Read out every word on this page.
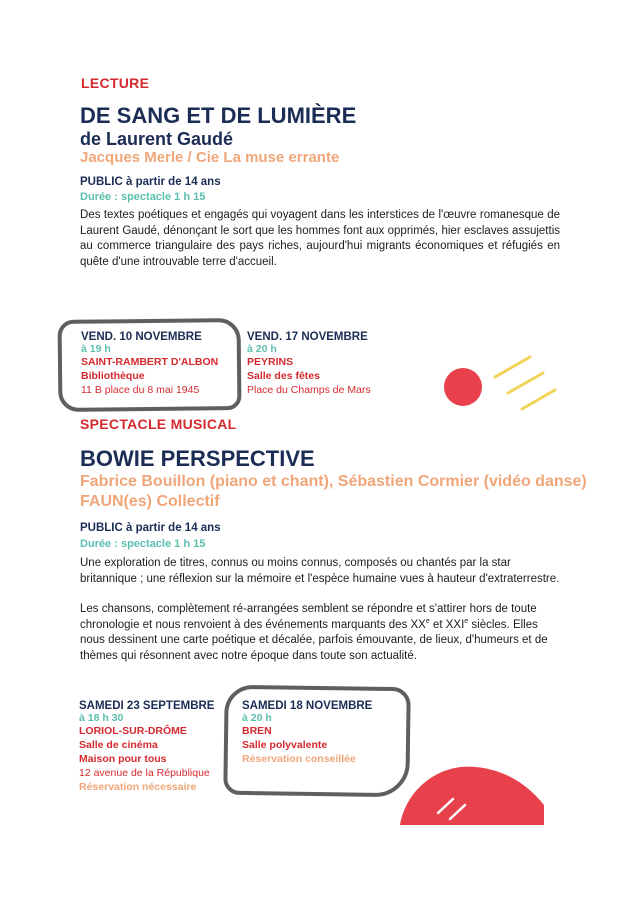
LECTURE
DE SANG ET DE LUMIÈRE
de Laurent Gaudé
Jacques Merle / Cie La muse errante
PUBLIC à partir de 14 ans
Durée : spectacle 1 h 15
Des textes poétiques et engagés qui voyagent dans les interstices de l'œuvre romanesque de Laurent Gaudé, dénonçant le sort que les hommes font aux opprimés, hier esclaves assujettis au commerce triangulaire des pays riches, aujourd'hui migrants économiques et réfugiés en quête d'une introuvable terre d'accueil.
VEND. 10 NOVEMBRE
à 19 h
SAINT-RAMBERT D'ALBON
Bibliothèque
11 B place du 8 mai 1945
VEND. 17 NOVEMBRE
à 20 h
PEYRINS
Salle des fêtes
Place du Champs de Mars
SPECTACLE MUSICAL
BOWIE PERSPECTIVE
Fabrice Bouillon (piano et chant), Sébastien Cormier (vidéo danse)
FAUN(es) Collectif
PUBLIC à partir de 14 ans
Durée : spectacle 1 h 15
Une exploration de titres, connus ou moins connus, composés ou chantés par la star britannique ; une réflexion sur la mémoire et l'espèce humaine vues à hauteur d'extraterrestre.
Les chansons, complètement ré-arrangées semblent se répondre et s'attirer hors de toute chronologie et nous renvoient à des événements marquants des XXe et XXIe siècles. Elles nous dessinent une carte poétique et décalée, parfois émouvante, de lieux, d'humeurs et de thèmes qui résonnent avec notre époque dans toute son actualité.
SAMEDI 23 SEPTEMBRE
à 18 h 30
LORIOL-SUR-DRÔME
Salle de cinéma
Maison pour tous
12 avenue de la République
Réservation nécessaire
SAMEDI 18 NOVEMBRE
à 20 h
BREN
Salle polyvalente
Réservation conseillée
